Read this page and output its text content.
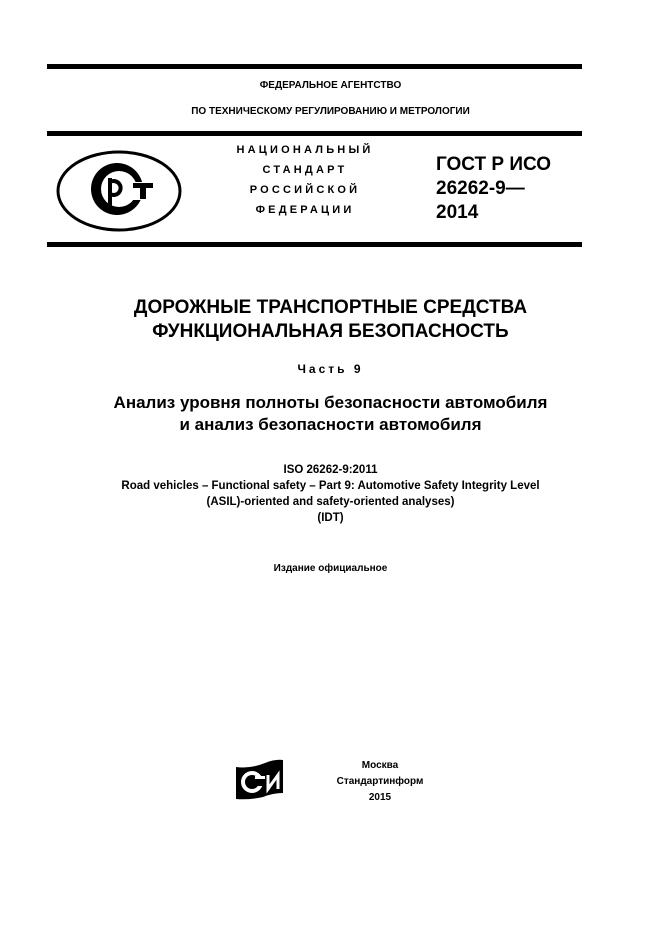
ФЕДЕРАЛЬНОЕ АГЕНТСТВО
ПО ТЕХНИЧЕСКОМУ РЕГУЛИРОВАНИЮ И МЕТРОЛОГИИ
НАЦИОНАЛЬНЫЙ
СТАНДАРТ
РОССИЙСКОЙ
ФЕДЕРАЦИИ
ГОСТ Р ИСО
26262-9—
2014
ДОРОЖНЫЕ ТРАНСПОРТНЫЕ СРЕДСТВА
ФУНКЦИОНАЛЬНАЯ БЕЗОПАСНОСТЬ
Часть 9
Анализ уровня полноты безопасности автомобиля
и анализ безопасности автомобиля
ISO 26262-9:2011
Road vehicles – Functional safety – Part 9: Automotive Safety Integrity Level
(ASIL)-oriented and safety-oriented analyses)
(IDT)
Издание официальное
Москва
Стандартинформ
2015
